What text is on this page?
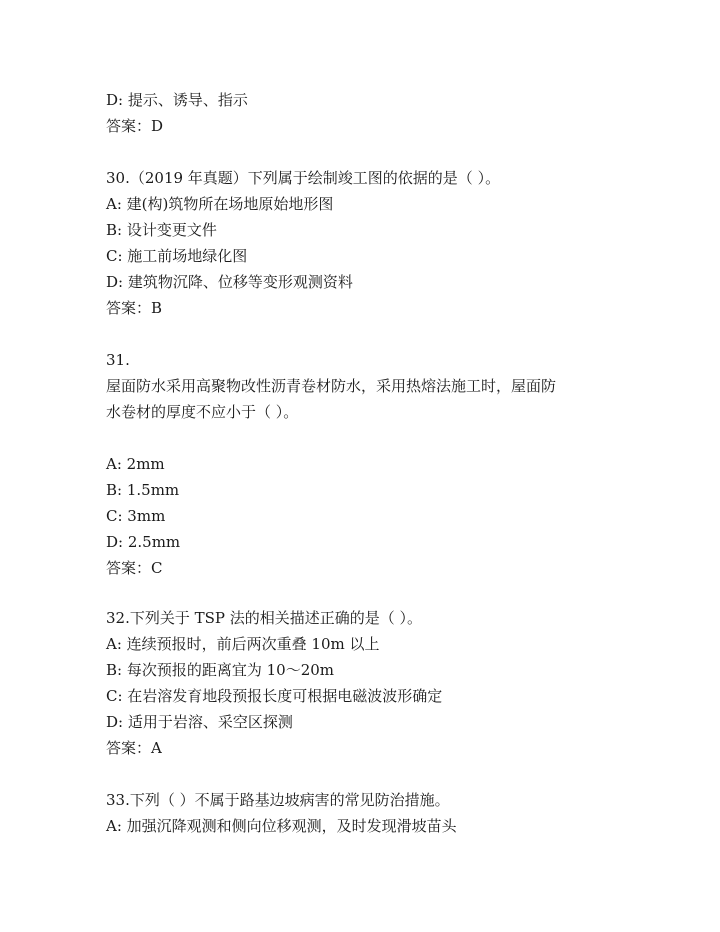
D: 提示、诱导、指示
答案：D
30.（2019 年真题）下列属于绘制竣工图的依据的是（ ）。
A: 建(构)筑物所在场地原始地形图
B: 设计变更文件
C: 施工前场地绿化图
D: 建筑物沉降、位移等变形观测资料
答案：B
31.
屋面防水采用高聚物改性沥青卷材防水，采用热熔法施工时，屋面防
水卷材的厚度不应小于（ ）。
A: 2mm
B: 1.5mm
C: 3mm
D: 2.5mm
答案：C
32.下列关于 TSP 法的相关描述正确的是（ ）。
A: 连续预报时，前后两次重叠 10m 以上
B: 每次预报的距离宜为 10～20m
C: 在岩溶发育地段预报长度可根据电磁波波形确定
D: 适用于岩溶、采空区探测
答案：A
33.下列（ ）不属于路基边坡病害的常见防治措施。
A: 加强沉降观测和侧向位移观测，及时发现滑坡苗头
